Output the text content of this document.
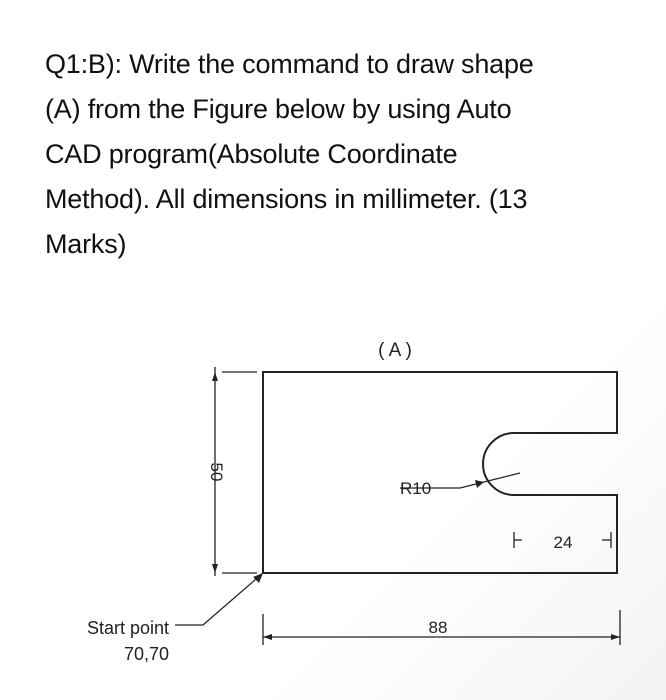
Q1:B): Write the command to draw shape
(A) from the Figure below by using Auto
CAD program(Absolute Coordinate
Method). All dimensions in millimeter. (13
Marks)
( A )
50
88
24
R10
Start point
70,70
